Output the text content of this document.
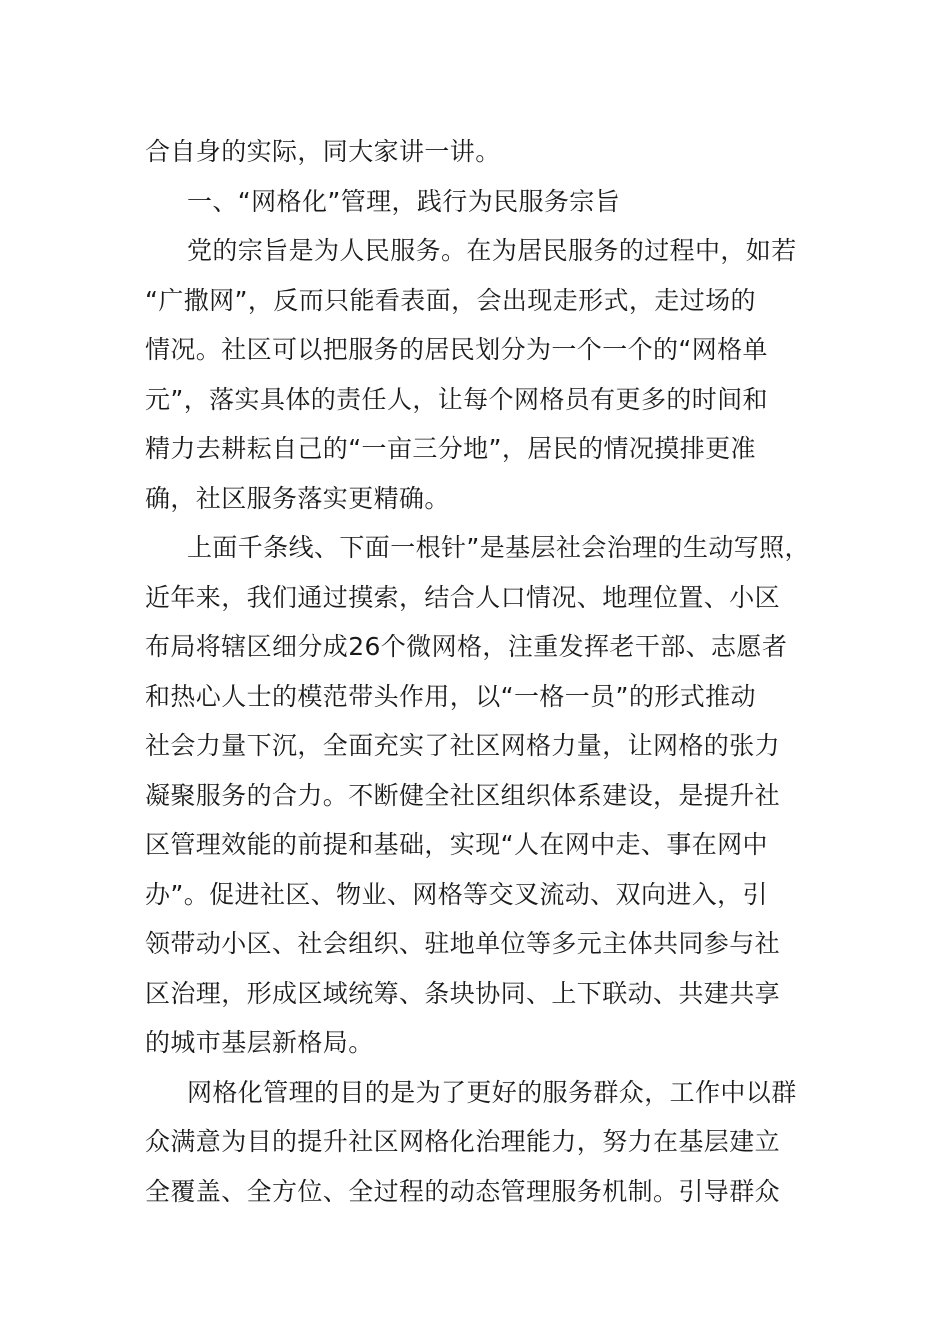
合自身的实际，同大家讲一讲。
一、“网格化”管理，践行为民服务宗旨
党的宗旨是为人民服务。在为居民服务的过程中，如若
“广撒网”，反而只能看表面，会出现走形式，走过场的
情况。社区可以把服务的居民划分为一个一个的“网格单
元”，落实具体的责任人，让每个网格员有更多的时间和
精力去耕耘自己的“一亩三分地”，居民的情况摸排更准
确，社区服务落实更精确。
上面千条线、下面一根针”是基层社会治理的生动写照，
近年来，我们通过摸索，结合人口情况、地理位置、小区
布局将辖区细分成26个微网格，注重发挥老干部、志愿者
和热心人士的模范带头作用，以“一格一员”的形式推动
社会力量下沉，全面充实了社区网格力量，让网格的张力
凝聚服务的合力。不断健全社区组织体系建设，是提升社
区管理效能的前提和基础，实现“人在网中走、事在网中
办”。促进社区、物业、网格等交叉流动、双向进入，引
领带动小区、社会组织、驻地单位等多元主体共同参与社
区治理，形成区域统筹、条块协同、上下联动、共建共享
的城市基层新格局。
网格化管理的目的是为了更好的服务群众，工作中以群
众满意为目的提升社区网格化治理能力，努力在基层建立
全覆盖、全方位、全过程的动态管理服务机制。引导群众
